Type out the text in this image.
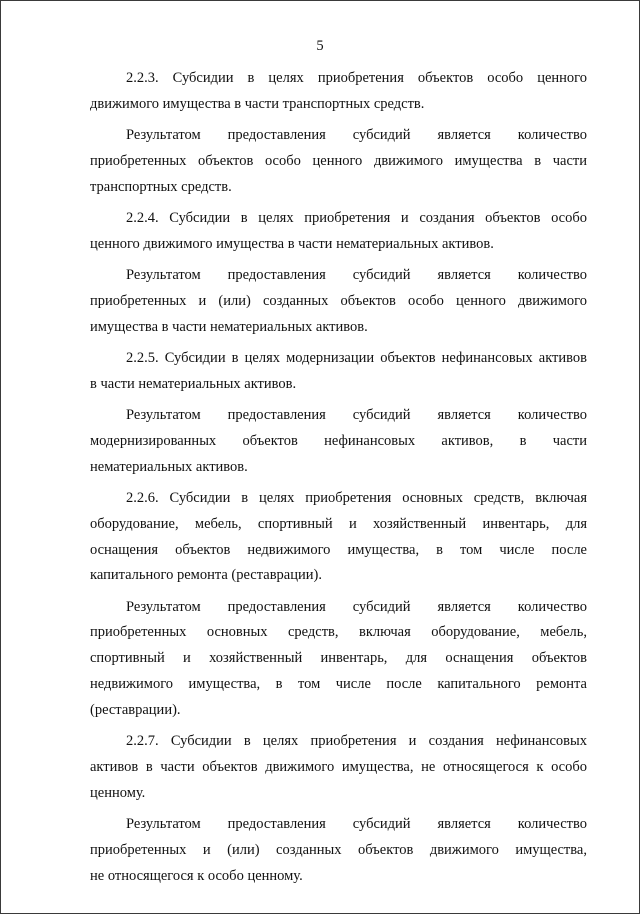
5

2.2.3. Субсидии в целях приобретения объектов особо ценного
движимого имущества в части транспортных средств.

Результатом предоставления субсидий является количество
приобретенных объектов особо ценного движимого имущества в части
транспортных средств.

2.2.4. Субсидии в целях приобретения и создания объектов особо
ценного движимого имущества в части нематериальных активов.

Результатом предоставления субсидий является количество
приобретенных и (или) созданных объектов особо ценного движимого
имущества в части нематериальных активов.

2.2.5. Субсидии в целях модернизации объектов нефинансовых активов
в части нематериальных активов.

Результатом предоставления субсидий является количество
модернизированных объектов нефинансовых активов, в части
нематериальных активов.

2.2.6. Субсидии в целях приобретения основных средств, включая
оборудование, мебель, спортивный и хозяйственный инвентарь, для
оснащения объектов недвижимого имущества, в том числе после
капитального ремонта (реставрации).

Результатом предоставления субсидий является количество
приобретенных основных средств, включая оборудование, мебель,
спортивный и хозяйственный инвентарь, для оснащения объектов
недвижимого имущества, в том числе после капитального ремонта
(реставрации).

2.2.7. Субсидии в целях приобретения и создания нефинансовых
активов в части объектов движимого имущества, не относящегося к особо
ценному.

Результатом предоставления субсидий является количество
приобретенных и (или) созданных объектов движимого имущества,
не относящегося к особо ценному.
